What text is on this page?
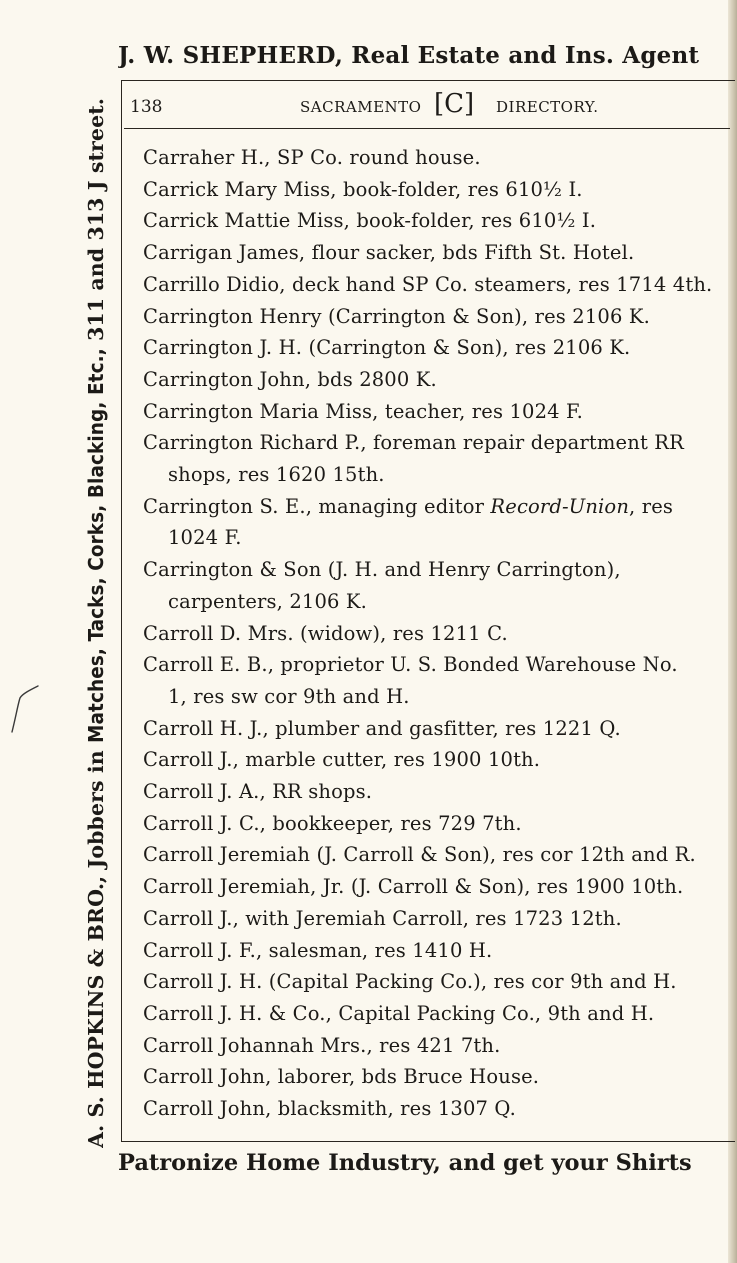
J. W. SHEPHERD, Real Estate and Ins. Agent
A. S. HOPKINS & BRO., Jobbers in Matches, Tacks, Corks, Blacking, Etc., 311 and 313 J street.	138	SACRAMENTO [C] DIRECTORY.
Carraher H., SP Co. round house.
Carrick Mary Miss, book-folder, res 610½ I.
Carrick Mattie Miss, book-folder, res 610½ I.
Carrigan James, flour sacker, bds Fifth St. Hotel.
Carrillo Didio, deck hand SP Co. steamers, res 1714 4th.
Carrington Henry (Carrington & Son), res 2106 K.
Carrington J. H. (Carrington & Son), res 2106 K.
Carrington John, bds 2800 K.
Carrington Maria Miss, teacher, res 1024 F.
Carrington Richard P., foreman repair department RR
shops, res 1620 15th.
Carrington S. E., managing editor Record-Union, res
1024 F.
Carrington & Son (J. H. and Henry Carrington),
carpenters, 2106 K.
Carroll D. Mrs. (widow), res 1211 C.
Carroll E. B., proprietor U. S. Bonded Warehouse No.
1, res sw cor 9th and H.
Carroll H. J., plumber and gasfitter, res 1221 Q.
Carroll J., marble cutter, res 1900 10th.
Carroll J. A., RR shops.
Carroll J. C., bookkeeper, res 729 7th.
Carroll Jeremiah (J. Carroll & Son), res cor 12th and R.
Carroll Jeremiah, Jr. (J. Carroll & Son), res 1900 10th.
Carroll J., with Jeremiah Carroll, res 1723 12th.
Carroll J. F., salesman, res 1410 H.
Carroll J. H. (Capital Packing Co.), res cor 9th and H.
Carroll J. H. & Co., Capital Packing Co., 9th and H.
Carroll Johannah Mrs., res 421 7th.
Carroll John, laborer, bds Bruce House.
Carroll John, blacksmith, res 1307 Q.
Patronize Home Industry, and get your Shirts
